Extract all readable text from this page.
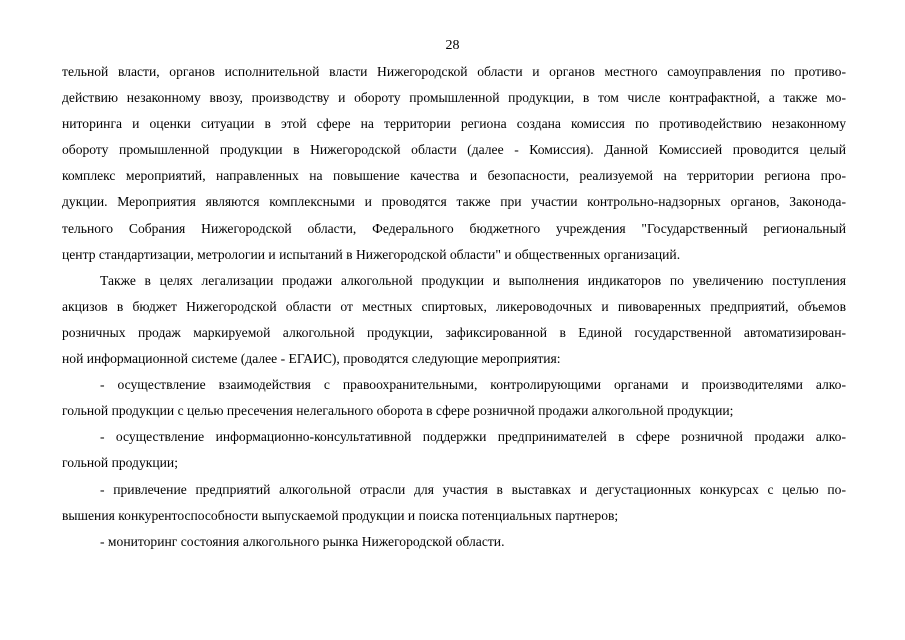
28
тельной власти, органов исполнительной власти Нижегородской области и органов местного самоуправления по противо-
действию незаконному ввозу, производству и обороту промышленной продукции, в том числе контрафактной, а также мо-
ниторинга и оценки ситуации в этой сфере на территории региона создана комиссия по противодействию незаконному
обороту промышленной продукции в Нижегородской области (далее - Комиссия). Данной Комиссией проводится целый
комплекс мероприятий, направленных на повышение качества и безопасности, реализуемой на территории региона про-
дукции. Мероприятия являются комплексными и проводятся также при участии контрольно-надзорных органов, Законода-
тельного Собрания Нижегородской области, Федерального бюджетного учреждения "Государственный региональный
центр стандартизации, метрологии и испытаний в Нижегородской области" и общественных организаций.
Также в целях легализации продажи алкогольной продукции и выполнения индикаторов по увеличению поступления
акцизов в бюджет Нижегородской области от местных спиртовых, ликероводочных и пивоваренных предприятий, объемов
розничных продаж маркируемой алкогольной продукции, зафиксированной в Единой государственной автоматизирован-
ной информационной системе (далее - ЕГАИС), проводятся следующие мероприятия:
- осуществление взаимодействия с правоохранительными, контролирующими органами и производителями алко-
гольной продукции с целью пресечения нелегального оборота в сфере розничной продажи алкогольной продукции;
- осуществление информационно-консультативной поддержки предпринимателей в сфере розничной продажи алко-
гольной продукции;
- привлечение предприятий алкогольной отрасли для участия в выставках и дегустационных конкурсах с целью по-
вышения конкурентоспособности выпускаемой продукции и поиска потенциальных партнеров;
- мониторинг состояния алкогольного рынка Нижегородской области.
